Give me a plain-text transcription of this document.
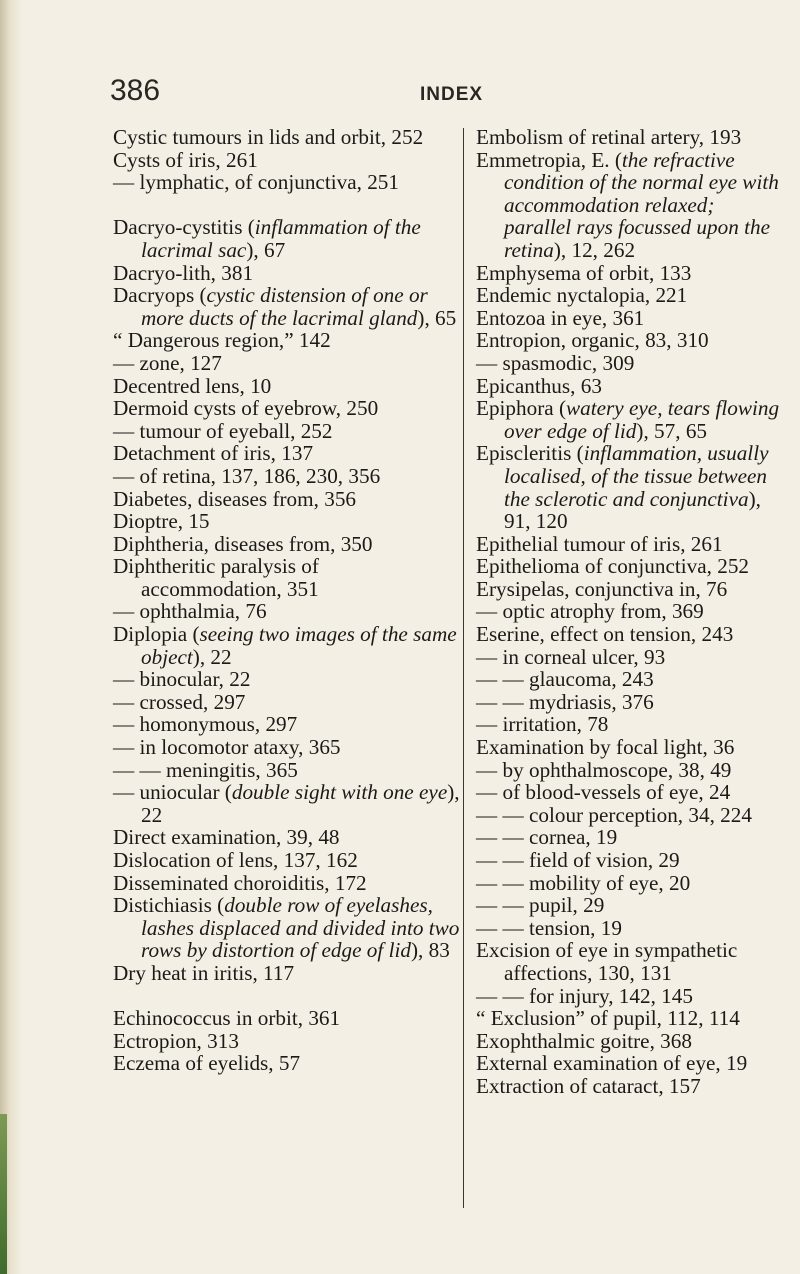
386	INDEX

Cystic tumours in lids and orbit, 252

Cysts of iris, 261

— lymphatic, of conjunctiva, 251

Dacryo-cystitis (inflammation of the lacrimal sac), 67

Dacryo-lith, 381

Dacryops (cystic distension of one or more ducts of the lacrimal gland), 65

“ Dangerous region,” 142

— zone, 127

Decentred lens, 10

Dermoid cysts of eyebrow, 250

— tumour of eyeball, 252

Detachment of iris, 137

— of retina, 137, 186, 230, 356

Diabetes, diseases from, 356

Dioptre, 15

Diphtheria, diseases from, 350

Diphtheritic paralysis of accommodation, 351

— ophthalmia, 76

Diplopia (seeing two images of the same object), 22

— binocular, 22

— crossed, 297

— homonymous, 297

— in locomotor ataxy, 365

— — meningitis, 365

— uniocular (double sight with one eye), 22

Direct examination, 39, 48

Dislocation of lens, 137, 162

Disseminated choroiditis, 172

Distichiasis (double row of eyelashes, lashes displaced and divided into two rows by distortion of edge of lid), 83

Dry heat in iritis, 117

Echinococcus in orbit, 361

Ectropion, 313

Eczema of eyelids, 57

Embolism of retinal artery, 193

Emmetropia, E. (the refractive condition of the normal eye with accommodation relaxed; parallel rays focussed upon the retina), 12, 262

Emphysema of orbit, 133

Endemic nyctalopia, 221

Entozoa in eye, 361

Entropion, organic, 83, 310

— spasmodic, 309

Epicanthus, 63

Epiphora (watery eye, tears flowing over edge of lid), 57, 65

Episcleritis (inflammation, usually localised, of the tissue between the sclerotic and conjunctiva), 91, 120

Epithelial tumour of iris, 261

Epithelioma of conjunctiva, 252

Erysipelas, conjunctiva in, 76

— optic atrophy from, 369

Eserine, effect on tension, 243

— in corneal ulcer, 93

— — glaucoma, 243

— — mydriasis, 376

— irritation, 78

Examination by focal light, 36

— by ophthalmoscope, 38, 49

— of blood-vessels of eye, 24

— — colour perception, 34, 224

— — cornea, 19

— — field of vision, 29

— — mobility of eye, 20

— — pupil, 29

— — tension, 19

Excision of eye in sympathetic affections, 130, 131

— — for injury, 142, 145

“ Exclusion” of pupil, 112, 114

Exophthalmic goitre, 368

External examination of eye, 19

Extraction of cataract, 157
